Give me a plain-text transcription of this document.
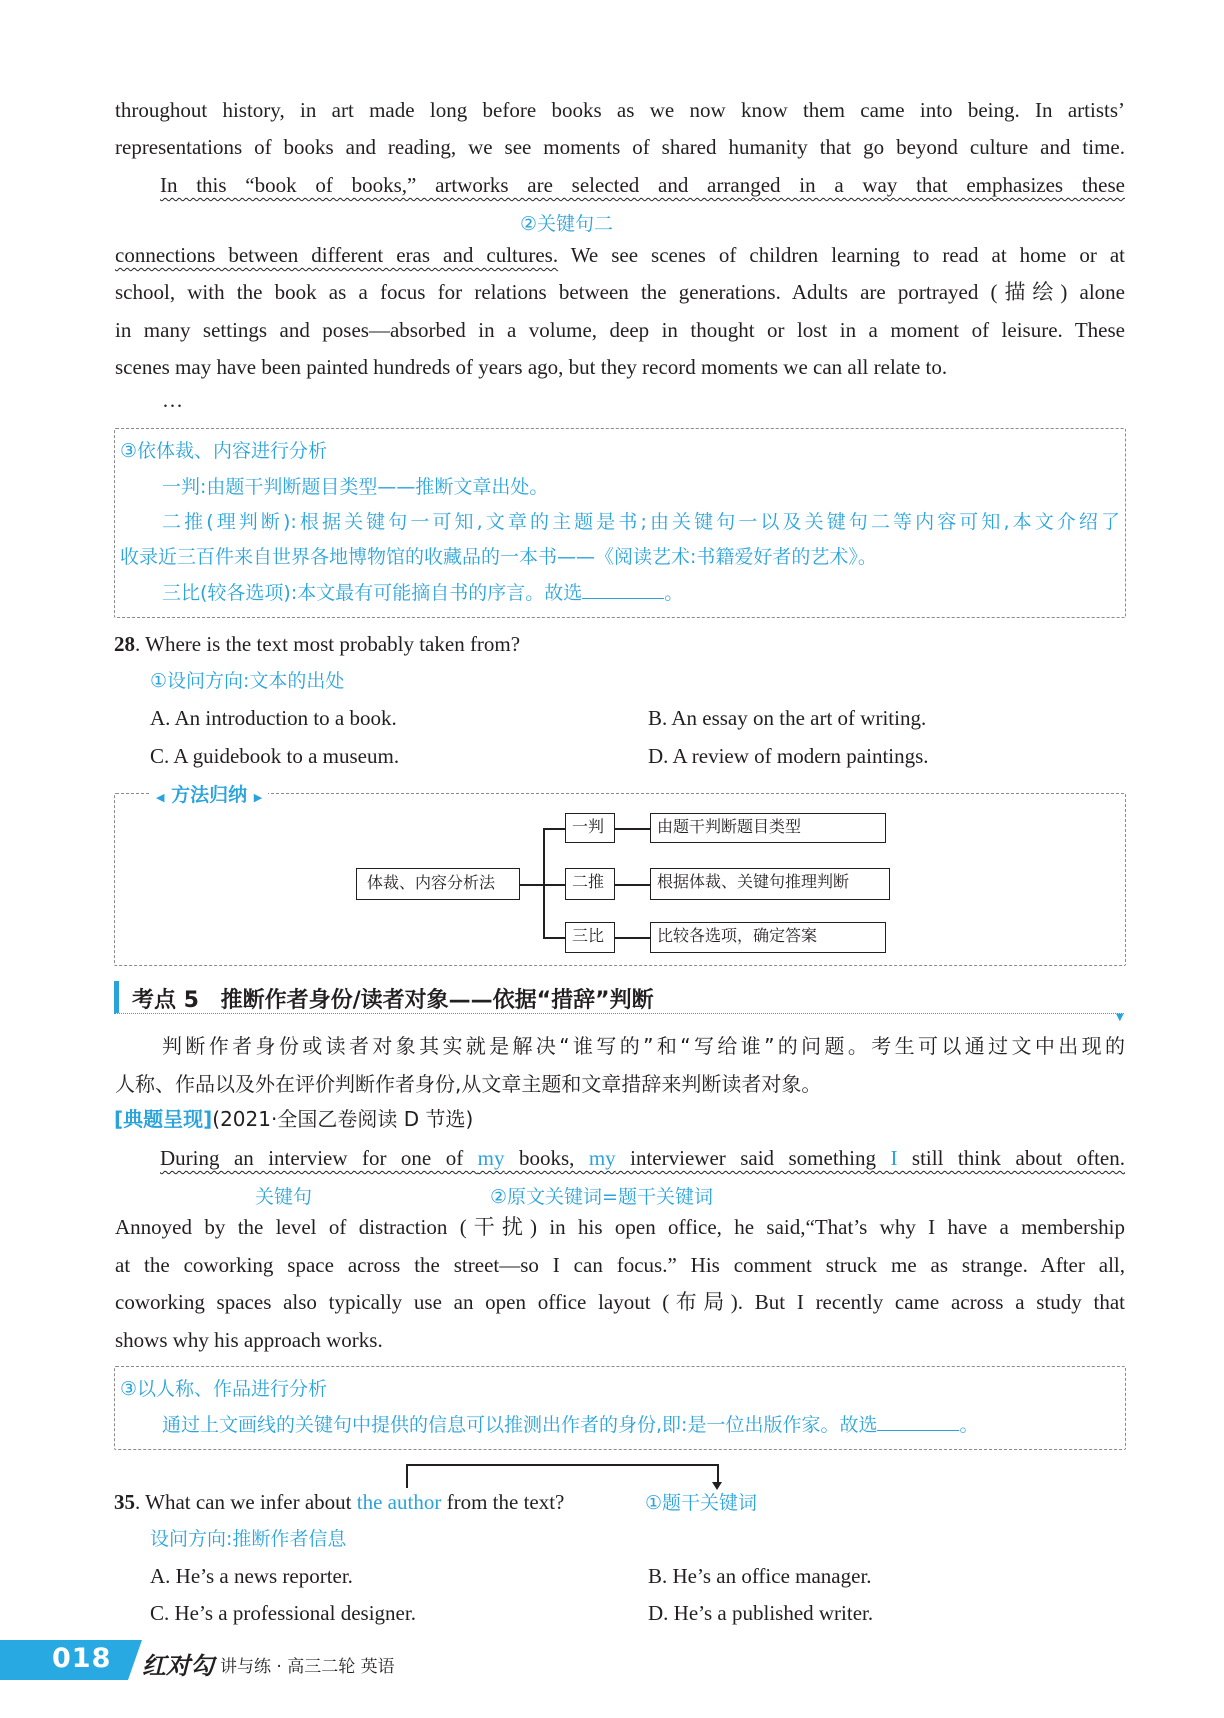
throughout history, in art made long before books as we now know them came into being. In artists’
representations of books and reading, we see moments of shared humanity that go beyond culture and time.
In this “book of books,” artworks are selected and arranged in a way that emphasizes these
②关键句二
connections between different eras and cultures. We see scenes of children learning to read at home or at
school, with the book as a focus for relations between the generations. Adults are portrayed (描绘) alone
in many settings and poses—absorbed in a volume, deep in thought or lost in a moment of leisure. These
scenes may have been painted hundreds of years ago, but they record moments we can all relate to.
…
③依体裁、内容进行分析
一判:由题干判断题目类型——推断文章出处。
二推(理判断):根据关键句一可知,文章的主题是书;由关键句一以及关键句二等内容可知,本文介绍了
收录近三百件来自世界各地博物馆的收藏品的一本书——《阅读艺术:书籍爱好者的艺术》。
三比(较各选项):本文最有可能摘自书的序言。故选	。
28. Where is the text most probably taken from?
①设问方向:文本的出处
A. An introduction to a book.	B. An essay on the art of writing.
C. A guidebook to a museum.	D. A review of modern paintings.
◀ 方法归纳 ▶
体裁、内容分析法
一判	由题干判断题目类型
二推	根据体裁、关键句推理判断
三比	比较各选项，确定答案
▼
考点 5 推断作者身份/读者对象——依据“措辞”判断
判断作者身份或读者对象其实就是解决“谁写的”和“写给谁”的问题。考生可以通过文中出现的
人称、作品以及外在评价判断作者身份,从文章主题和文章措辞来判断读者对象。
[典题呈现](2021·全国乙卷阅读 D 节选)
During an interview for one of my books, my interviewer said something I still think about often.
关键句	②原文关键词=题干关键词
Annoyed by the level of distraction (干扰) in his open office, he said,“That’s why I have a membership
at the coworking space across the street—so I can focus.” His comment struck me as strange. After all,
coworking spaces also typically use an open office layout (布局). But I recently came across a study that
shows why his approach works.
③以人称、作品进行分析
通过上文画线的关键句中提供的信息可以推测出作者的身份,即:是一位出版作家。故选	。
35. What can we infer about the author from the text?	①题干关键词
设问方向:推断作者信息
A. He’s a news reporter.	B. He’s an office manager.
C. He’s a professional designer.	D. He’s a published writer.
018 红对勾 讲与练 · 高三二轮 英语
